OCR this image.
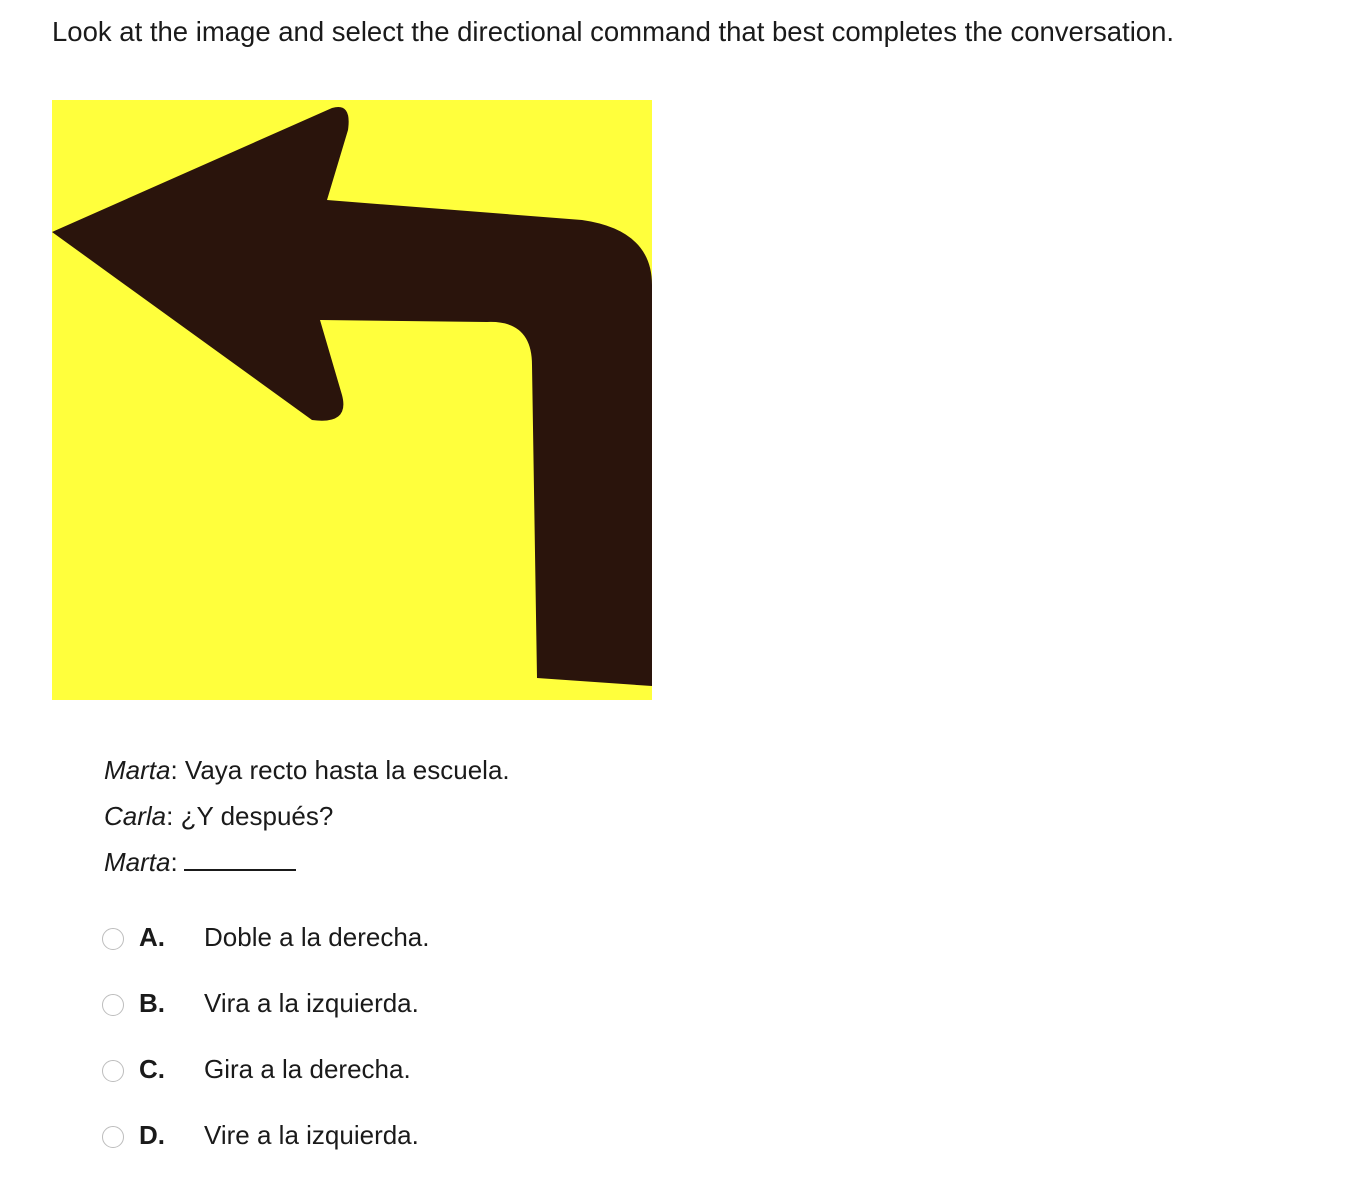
Look at the image and select the directional command that best completes the conversation.
Marta: Vaya recto hasta la escuela.
Carla: ¿Y después?
Marta:
A. Doble a la derecha.
B. Vira a la izquierda.
C. Gira a la derecha.
D. Vire a la izquierda.
